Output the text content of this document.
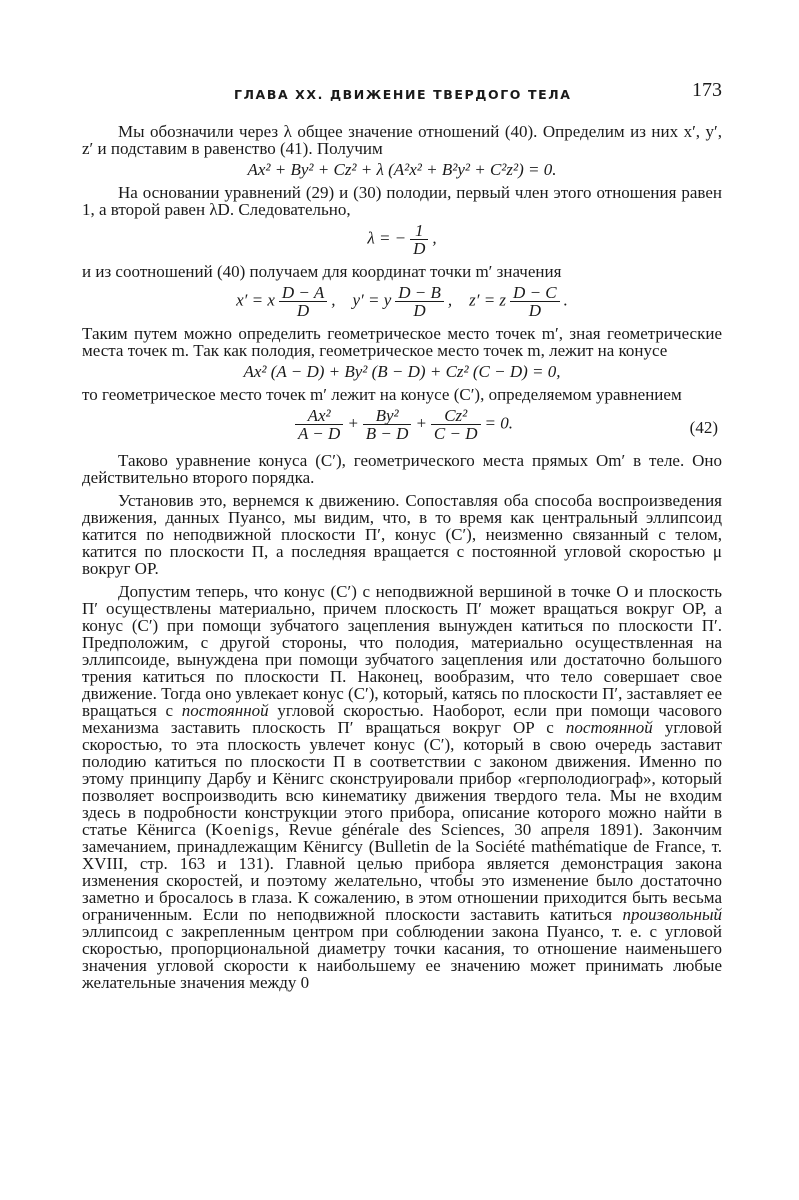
ГЛАВА XX. ДВИЖЕНИЕ ТВЕРДОГО ТЕЛА	173

Мы обозначили через λ общее значение отношений (40). Определим из них x′, y′, z′ и подставим в равенство (41). Получим

Ax² + By² + Cz² + λ (A²x² + B²y² + C²z²) = 0.

На основании уравнений (29) и (30) полодии, первый член этого отношения равен 1, а второй равен λD. Следовательно,

λ = − $\frac{1}{D}$ ,

и из соотношений (40) получаем для координат точки m′ значения

x′ = x $\frac{D - A}{D}$ , y′ = y $\frac{D - B}{D}$ , z′ = z $\frac{D - C}{D}$ .

Таким путем можно определить геометрическое место точек m′, зная геометрические места точек m. Так как полодия, геометрическое место точек m, лежит на конусе

Ax² (A − D) + By² (B − D) + Cz² (C − D) = 0,

то геометрическое место точек m′ лежит на конусе (C′), определяемом уравнением

$\frac{\text{Ax²}}{A - D} + \frac{\text{By²}}{B - D} + \frac{\text{Cz²}}{C - D} = 0$.	(42)

Таково уравнение конуса (C′), геометрического места прямых Om′ в теле. Оно действительно второго порядка.

Установив это, вернемся к движению. Сопоставляя оба способа воспроизведения движения, данных Пуансо, мы видим, что, в то время как центральный эллипсоид катится по неподвижной плоскости Π′, конус (C′), неизменно связанный с телом, катится по плоскости Π, а последняя вращается с постоянной угловой скоростью μ вокруг OP.

Допустим теперь, что конус (C′) с неподвижной вершиной в точке O и плоскость Π′ осуществлены материально, причем плоскость Π′ может вращаться вокруг OP, а конус (C′) при помощи зубчатого зацепления вынужден катиться по плоскости Π′. Предположим, с другой стороны, что полодия, материально осуществленная на эллипсоиде, вынуждена при помощи зубчатого зацепления или достаточно большого трения катиться по плоскости Π. Наконец, вообразим, что тело совершает свое движение. Тогда оно увлекает конус (C′), который, катясь по плоскости Π′, заставляет ее вращаться с постоянной угловой скоростью. Наоборот, если при помощи часового механизма заставить плоскость Π′ вращаться вокруг OP с постоянной угловой скоростью, то эта плоскость увлечет конус (C′), который в свою очередь заставит полодию катиться по плоскости Π в соответствии с законом движения. Именно по этому принципу Дарбу и Кёнигс сконструировали прибор «герполодиограф», который позволяет воспроизводить всю кинематику движения твердого тела. Мы не входим здесь в подробности конструкции этого прибора, описание которого можно найти в статье Кёнигса (Koenigs, Revue générale des Sciences, 30 апреля 1891). Закончим замечанием, принадлежащим Кёнигсу (Bulletin de la Société mathématique de France, т. XVIII, стр. 163 и 131). Главной целью прибора является демонстрация закона изменения скоростей, и поэтому желательно, чтобы это изменение было достаточно заметно и бросалось в глаза. К сожалению, в этом отношении приходится быть весьма ограниченным. Если по неподвижной плоскости заставить катиться произвольный эллипсоид с закрепленным центром при соблюдении закона Пуансо, т. е. с угловой скоростью, пропорциональной диаметру точки касания, то отношение наименьшего значения угловой скорости к наибольшему ее значению может принимать любые желательные значения между 0
